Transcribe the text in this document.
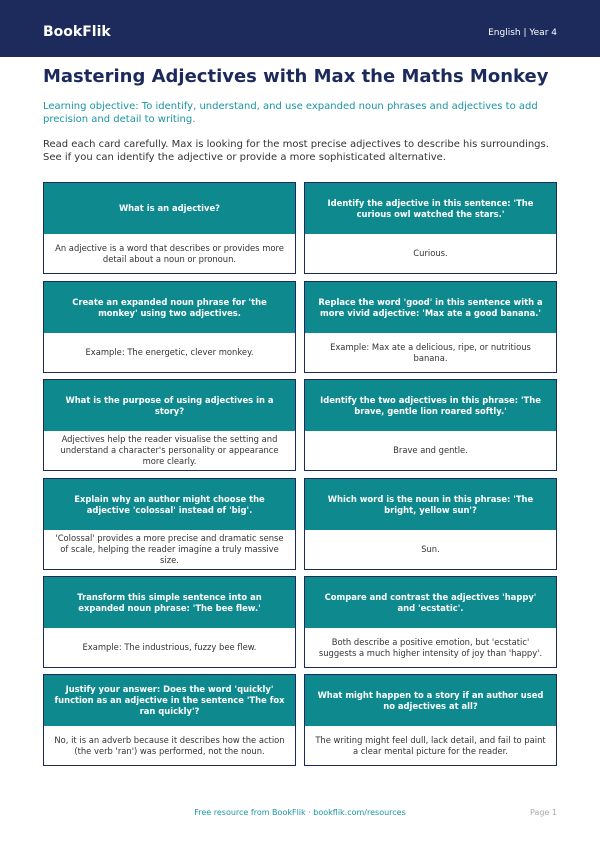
BookFlik	English | Year 4
Mastering Adjectives with Max the Maths Monkey
Learning objective: To identify, understand, and use expanded noun phrases and adjectives to add precision and detail to writing.
Read each card carefully. Max is looking for the most precise adjectives to describe his surroundings. See if you can identify the adjective or provide a more sophisticated alternative.
What is an adjective?
An adjective is a word that describes or provides more detail about a noun or pronoun.
Identify the adjective in this sentence: 'The curious owl watched the stars.'
Curious.
Create an expanded noun phrase for 'the monkey' using two adjectives.
Example: The energetic, clever monkey.
Replace the word 'good' in this sentence with a more vivid adjective: 'Max ate a good banana.'
Example: Max ate a delicious, ripe, or nutritious banana.
What is the purpose of using adjectives in a story?
Adjectives help the reader visualise the setting and understand a character's personality or appearance more clearly.
Identify the two adjectives in this phrase: 'The brave, gentle lion roared softly.'
Brave and gentle.
Explain why an author might choose the adjective 'colossal' instead of 'big'.
'Colossal' provides a more precise and dramatic sense of scale, helping the reader imagine a truly massive size.
Which word is the noun in this phrase: 'The bright, yellow sun'?
Sun.
Transform this simple sentence into an expanded noun phrase: 'The bee flew.'
Example: The industrious, fuzzy bee flew.
Compare and contrast the adjectives 'happy' and 'ecstatic'.
Both describe a positive emotion, but 'ecstatic' suggests a much higher intensity of joy than 'happy'.
Justify your answer: Does the word 'quickly' function as an adjective in the sentence 'The fox ran quickly'?
No, it is an adverb because it describes how the action (the verb 'ran') was performed, not the noun.
What might happen to a story if an author used no adjectives at all?
The writing might feel dull, lack detail, and fail to paint a clear mental picture for the reader.
Free resource from BookFlik · bookflik.com/resources	Page 1
